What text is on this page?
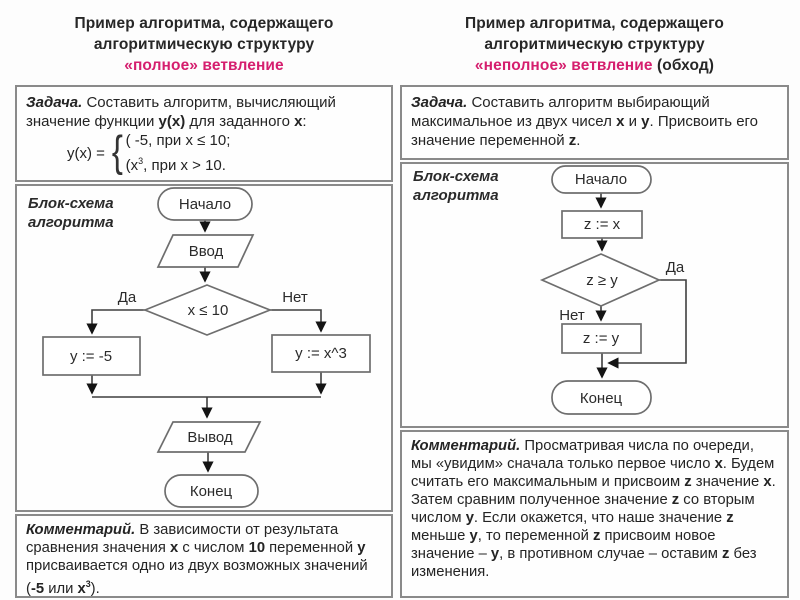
Пример алгоритма, содержащего
алгоритмическую структуру
«полное» ветвление
Задача. Составить алгоритм, вычисляющий значение функции y(x) для заданного x:
y(x) = { ( -5, при x ≤ 10;
($x^3$, при x > 10.
Блок-схема
алгоритма
Начало
Ввод
x ≤ 10
Да	Нет
y := -5	y := x^3
Вывод
Конец
Комментарий. В зависимости от результата сравнения значения x с числом 10 переменной y присваивается одно из двух возможных значений (-5 или $x^3$).
Пример алгоритма, содержащего
алгоритмическую структуру
«неполное» ветвление (обход)
Задача. Составить алгоритм выбирающий максимальное из двух чисел x и y. Присвоить его значение переменной z.
Блок-схема
алгоритма
Начало
z := x
z ≥ y
Да
Нет
z := y
Конец
Комментарий. Просматривая числа по очереди, мы «увидим» сначала только первое число x. Будем считать его максимальным и присвоим z значение x. Затем сравним полученное значение z со вторым числом y. Если окажется, что наше значение z меньше y, то переменной z присвоим новое значение – y, в противном случае – оставим z без изменения.
